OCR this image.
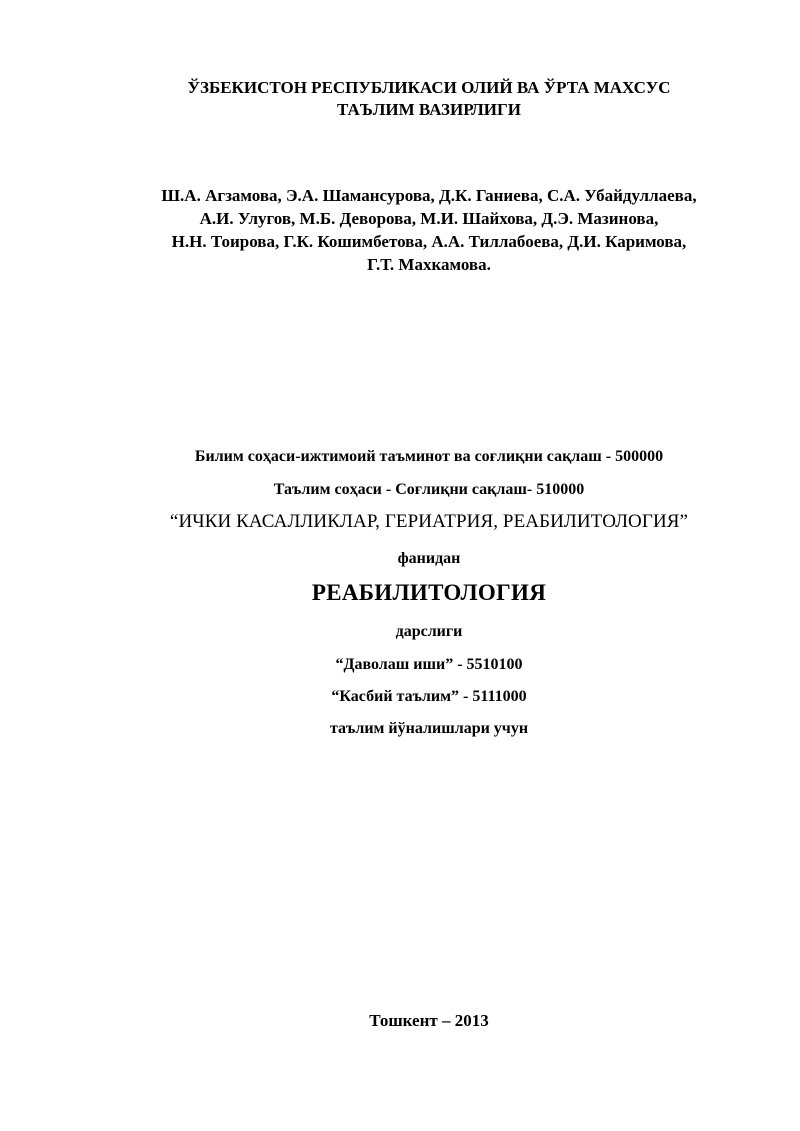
ЎЗБЕКИСТОН РЕСПУБЛИКАСИ ОЛИЙ ВА ЎРТА МАХСУС
ТАЪЛИМ ВАЗИРЛИГИ
Ш.А. Агзамова, Э.А. Шамансурова, Д.К. Ганиева, С.А. Убайдуллаева,
А.И. Улугов, М.Б. Деворова, М.И. Шайхова, Д.Э. Мазинова,
Н.Н. Тоирова, Г.К. Кошимбетова, А.А. Тиллабоева, Д.И. Каримова,
Г.Т. Махкамова.
Билим соҳаси-ижтимоий таъминот ва соғлиқни сақлаш - 500000
Таълим соҳаси - Соғлиқни сақлаш- 510000
“ИЧКИ КАСАЛЛИКЛАР, ГЕРИАТРИЯ, РЕАБИЛИТОЛОГИЯ”
фанидан
РЕАБИЛИТОЛОГИЯ
дарслиги
“Даволаш иши” - 5510100
“Касбий таълим” - 5111000
таълим йўналишлари учун
Тошкент – 2013
